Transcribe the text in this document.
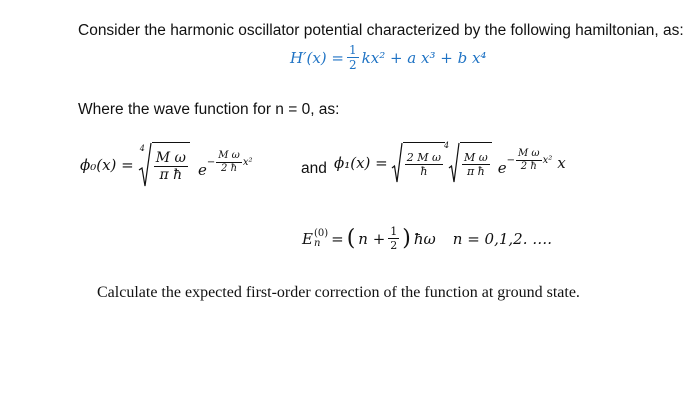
Consider the harmonic oscillator potential characterized by the following hamiltonian, as:
$H'(x) = \frac{1}{2} kx^2 + a$ x³ + b x⁴
Where the wave function for n = 0, as:
ϕ₀(x) =
4
$\frac{\text{M ω}}{\text{π ħ}}$ $e - \frac{\text{M ω}}{2 ħ} x^2$	and $\phi_1(x) = \frac{\text{2 M ω}}{ħ}$
4
$\frac{\text{M ω}}{\text{π ħ}}$ $e - \frac{\text{M ω}}{2 ħ} x^2$ x
E (0)
n = ( $n + \frac{1}{2}$ ) ħω n = 0,1,2. ….
Calculate the expected first-order correction of the function at ground state.
